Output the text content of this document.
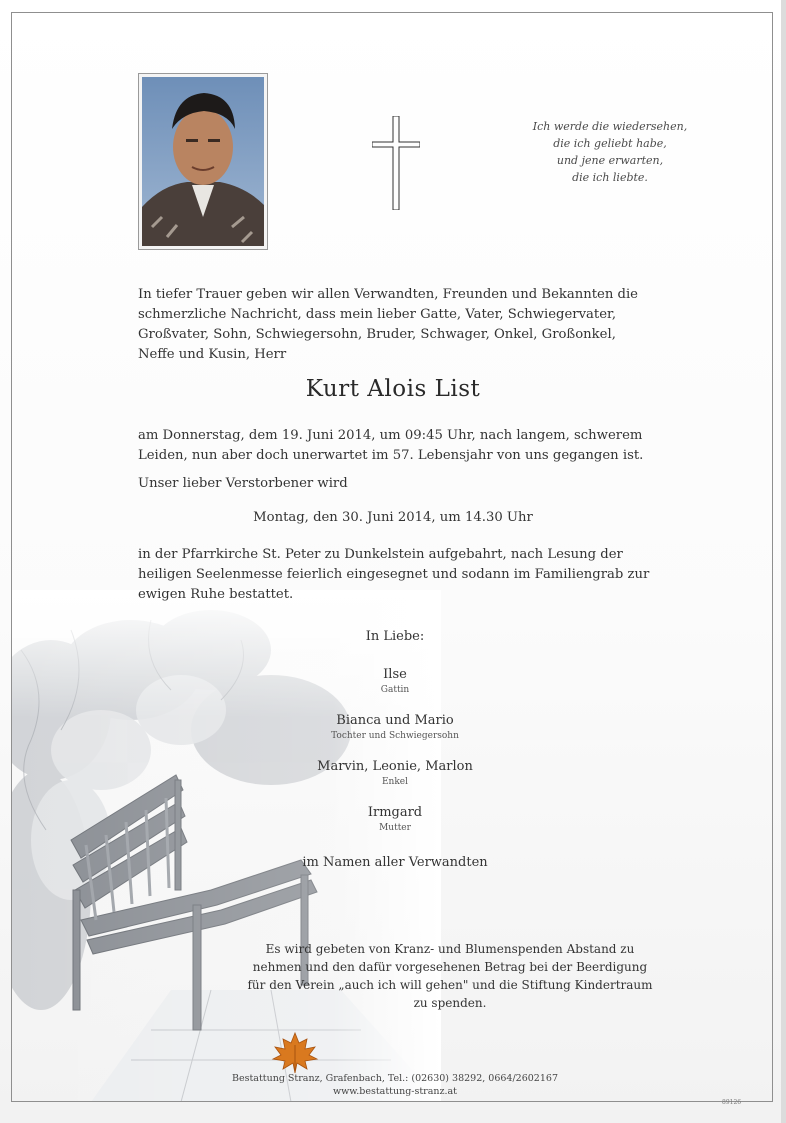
Ich werde die wiedersehen,
die ich geliebt habe,
und jene erwarten,
die ich liebte.
In tiefer Trauer geben wir allen Verwandten, Freunden und Bekannten die
schmerzliche Nachricht, dass mein lieber Gatte, Vater, Schwiegervater,
Großvater, Sohn, Schwiegersohn, Bruder, Schwager, Onkel, Großonkel,
Neffe und Kusin, Herr
Kurt Alois List
am Donnerstag, dem 19. Juni 2014, um 09:45 Uhr, nach langem, schwerem
Leiden, nun aber doch unerwartet im 57. Lebensjahr von uns gegangen ist.
Unser lieber Verstorbener wird
Montag, den 30. Juni 2014, um 14.30 Uhr
in der Pfarrkirche St. Peter zu Dunkelstein aufgebahrt, nach Lesung der
heiligen Seelenmesse feierlich eingesegnet und sodann im Familiengrab zur
ewigen Ruhe bestattet.
In Liebe:
Ilse
Gattin
Bianca und Mario
Tochter und Schwiegersohn
Marvin, Leonie, Marlon
Enkel
Irmgard
Mutter
im Namen aller Verwandten
Es wird gebeten von Kranz- und Blumenspenden Abstand zu
nehmen und den dafür vorgesehenen Betrag bei der Beerdigung
für den Verein „auch ich will gehen" und die Stiftung Kindertraum
zu spenden.
Bestattung Stranz, Grafenbach, Tel.: (02630) 38292, 0664/2602167
www.bestattung-stranz.at
89126
